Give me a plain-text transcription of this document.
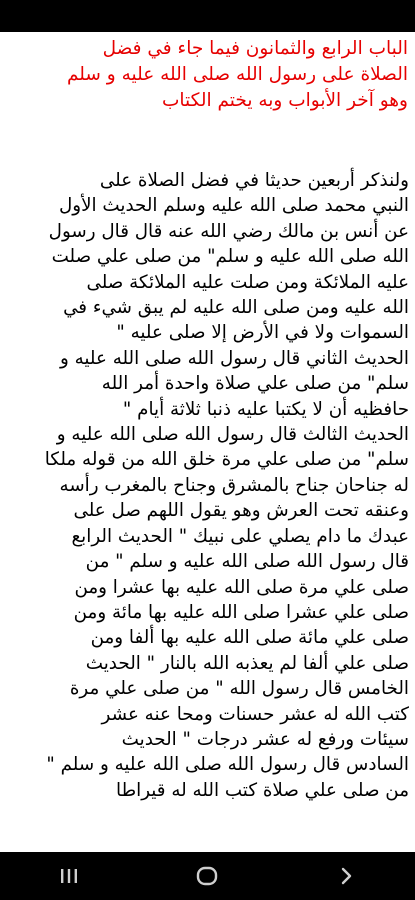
الباب الرابع والثمانون فيما جاء في فضل
الصلاة على رسول الله صلى الله عليه و سلم
وهو آخر الأبواب وبه يختم الكتاب
ولنذكر أربعين حديثا في فضل الصلاة على
النبي محمد صلى الله عليه وسلم الحديث الأول
عن أنس بن مالك رضي الله عنه قال قال رسول
الله صلى الله عليه و سلم" من صلى علي صلت
عليه الملائكة ومن صلت عليه الملائكة صلى
الله عليه ومن صلى الله عليه لم يبق شيء في
السموات ولا في الأرض إلا صلى عليه "
الحديث الثاني قال رسول الله صلى الله عليه و
سلم" من صلى علي صلاة واحدة أمر الله
حافظيه أن لا يكتبا عليه ذنبا ثلاثة أيام "
الحديث الثالث قال رسول الله صلى الله عليه و
سلم" من صلى علي مرة خلق الله من قوله ملكا
له جناحان جناح بالمشرق وجناح بالمغرب رأسه
وعنقه تحت العرش وهو يقول اللهم صل على
عبدك ما دام يصلي على نبيك " الحديث الرابع
قال رسول الله صلى الله عليه و سلم " من
صلى علي مرة صلى الله عليه بها عشرا ومن
صلى علي عشرا صلى الله عليه بها مائة ومن
صلى علي مائة صلى الله عليه بها ألفا ومن
صلى علي ألفا لم يعذبه الله بالنار " الحديث
الخامس قال رسول الله " من صلى علي مرة
كتب الله له عشر حسنات ومحا عنه عشر
سيئات ورفع له عشر درجات " الحديث
السادس قال رسول الله صلى الله عليه و سلم "
من صلى علي صلاة كتب الله له قيراطا
